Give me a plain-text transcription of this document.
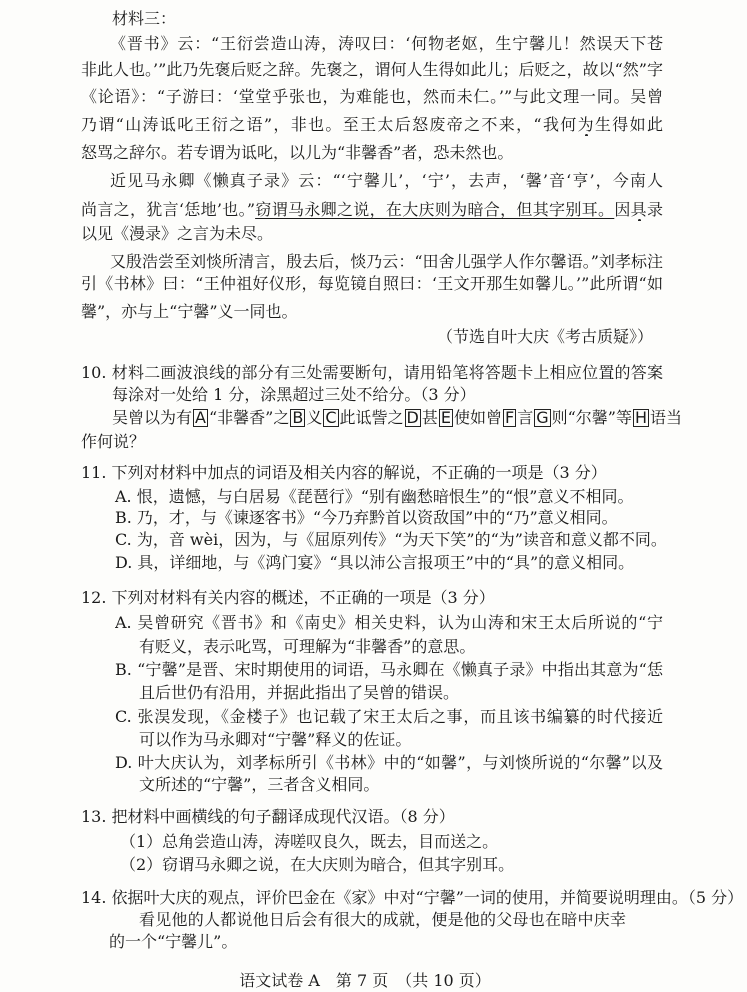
材料三：
《晋书》云：“王衍尝造山涛，涛叹曰：‘何物老妪，生宁馨儿！然误天下苍
非此人也。’”此乃先褒后贬之辞。先褒之，谓何人生得如此儿；后贬之，故以“然”字
《论语》：“子游曰：‘堂堂乎张也，为难能也，然而未仁。’”与此文理一同。吴曾
乃谓“山涛诋叱王衍之语”，非也。至王太后怒废帝之不来，“我何为生得如此
怒骂之辞尔。若专谓为诋叱，以儿为“非馨香”者，恐未然也。
近见马永卿《懒真子录》云：“‘宁馨儿’，‘宁’，去声，‘馨’音‘亨’，今南人
尚言之，犹言‘恁地’也。”窃谓马永卿之说，在大庆则为暗合，但其字别耳。因具录
以见《漫录》之言为未尽。
又殷浩尝至刘惔所清言，殷去后，惔乃云：“田舍儿强学人作尔馨语。”刘孝标注
引《书林》曰：“王仲祖好仪形，每览镜自照曰：‘王文开那生如馨儿。’”此所谓“如
馨”，亦与上“宁馨”义一同也。
（节选自叶大庆《考古质疑》）
10. 材料二画波浪线的部分有三处需要断句，请用铅笔将答题卡上相应位置的答案
每涂对一处给 1 分，涂黑超过三处不给分。（3 分）
吴曾以为有 A “非馨香”之 B 义 C 此诋訾之 D 甚 E 使如曾 F 言 G 则“尔馨”等 H 语当
作何说？
11. 下列对材料中加点的词语及相关内容的解说，不正确的一项是（3 分）
A. 恨，遗憾，与白居易《琵琶行》“别有幽愁暗恨生”的“恨”意义不相同。
B. 乃，才，与《谏逐客书》“今乃弃黔首以资敌国”中的“乃”意义相同。
C. 为，音 wèi，因为，与《屈原列传》“为天下笑”的“为”读音和意义都不同。
D. 具，详细地，与《鸿门宴》“具以沛公言报项王”中的“具”的意义相同。
12. 下列对材料有关内容的概述，不正确的一项是（3 分）
A. 吴曾研究《晋书》和《南史》相关史料，认为山涛和宋王太后所说的“宁
有贬义，表示叱骂，可理解为“非馨香”的意思。
B. “宁馨”是晋、宋时期使用的词语，马永卿在《懒真子录》中指出其意为“恁
且后世仍有沿用，并据此指出了吴曾的错误。
C. 张淏发现，《金楼子》也记载了宋王太后之事，而且该书编纂的时代接近
可以作为马永卿对“宁馨”释义的佐证。
D. 叶大庆认为，刘孝标所引《书林》中的“如馨”，与刘惔所说的“尔馨”以及
文所述的“宁馨”，三者含义相同。
13. 把材料中画横线的句子翻译成现代汉语。（8 分）
（1）总角尝造山涛，涛嗟叹良久，既去，目而送之。
（2）窃谓马永卿之说，在大庆则为暗合，但其字别耳。
14. 依据叶大庆的观点，评价巴金在《家》中对“宁馨”一词的使用，并简要说明理由。（5 分）
看见他的人都说他日后会有很大的成就，便是他的父母也在暗中庆幸
的一个“宁馨儿”。
语文试卷 A　第 7 页　（共 10 页）
